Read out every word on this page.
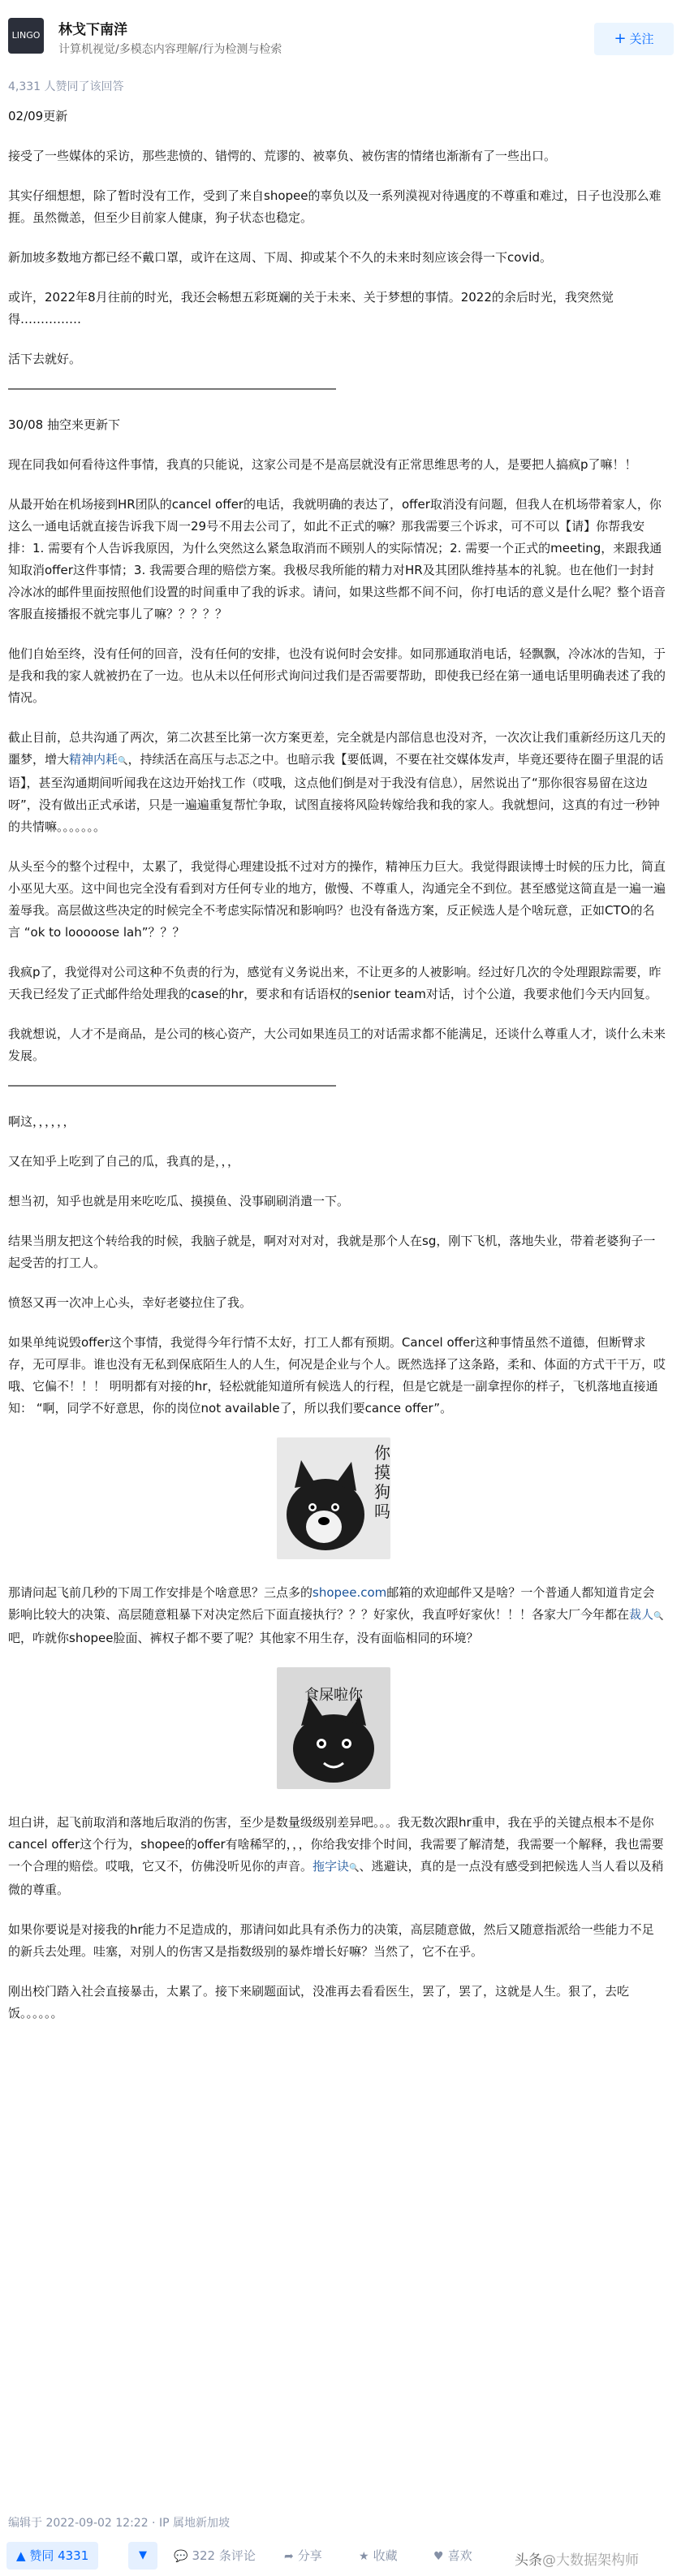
LINGO 林戈下南洋
计算机视觉/多模态内容理解/行为检测与检索
+ 关注
4,331 人赞同了该回答

02/09更新

接受了一些媒体的采访，那些悲愤的、错愕的、荒谬的、被辜负、被伤害的情绪也渐渐有了一些出口。

其实仔细想想，除了暂时没有工作，受到了来自shopee的辜负以及一系列漠视对待遇度的不尊重和难过，日子也没那么难捱。虽然微恙，但至少目前家人健康，狗子状态也稳定。

新加坡多数地方都已经不戴口罩，或许在这周、下周、抑或某个不久的未来时刻应该会得一下covid。

或许，2022年8月往前的时光，我还会畅想五彩斑斓的关于未来、关于梦想的事情。2022的余后时光，我突然觉得……………

活下去就好。

30/08 抽空来更新下

现在同我如何看待这件事情，我真的只能说，这家公司是不是高层就没有正常思维思考的人，是要把人搞疯p了嘛！！

从最开始在机场接到HR团队的cancel offer的电话，我就明确的表达了，offer取消没有问题，但我人在机场带着家人，你这么一通电话就直接告诉我下周一29号不用去公司了，如此不正式的嘛？那我需要三个诉求，可不可以【请】你帮我安排：1. 需要有个人告诉我原因，为什么突然这么紧急取消而不顾别人的实际情况；2. 需要一个正式的meeting，来跟我通知取消offer这件事情；3. 我需要合理的赔偿方案。我极尽我所能的精力对HR及其团队维持基本的礼貌。也在他们一封封冷冰冰的邮件里面按照他们设置的时间重申了我的诉求。请问，如果这些都不间不问，你打电话的意义是什么呢？整个语音客服直接播报不就完事儿了嘛？？？？？

他们自始至终，没有任何的回音，没有任何的安排，也没有说何时会安排。如同那通取消电话，轻飘飘，冷冰冰的告知，于是我和我的家人就被扔在了一边。也从未以任何形式询问过我们是否需要帮助，即使我已经在第一通电话里明确表述了我的情况。

截止目前，总共沟通了两次，第二次甚至比第一次方案更差，完全就是内部信息也没对齐，一次次让我们重新经历这几天的噩梦，增大精神内耗🔍，持续活在高压与忐忑之中。也暗示我【要低调，不要在社交媒体发声，毕竟还要待在圈子里混的话语】，甚至沟通期间听闻我在这边开始找工作（哎哦，这点他们倒是对于我没有信息），居然说出了“那你很容易留在这边呀”，没有做出正式承诺，只是一遍遍重复帮忙争取，试图直接将风险转嫁给我和我的家人。我就想问，这真的有过一秒钟的共情嘛。。。。。。。

从头至今的整个过程中，太累了，我觉得心理建设抵不过对方的操作，精神压力巨大。我觉得跟读博士时候的压力比，简直小巫见大巫。这中间也完全没有看到对方任何专业的地方，傲慢、不尊重人，沟通完全不到位。甚至感觉这简直是一遍一遍羞辱我。高层做这些决定的时候完全不考虑实际情况和影响吗？也没有备选方案，反正候选人是个啥玩意，正如CTO的名言 “ok to looooose lah”？？？

我疯p了，我觉得对公司这种不负责的行为，感觉有义务说出来，不让更多的人被影响。经过好几次的令处理跟踪需要，昨天我已经发了正式邮件给处理我的case的hr，要求和有话语权的senior team对话，讨个公道，我要求他们今天内回复。

我就想说，人才不是商品，是公司的核心资产，大公司如果连员工的对话需求都不能满足，还谈什么尊重人才，谈什么未来发展。

啊这，，，，，，

又在知乎上吃到了自己的瓜，我真的是，，，

想当初，知乎也就是用来吃吃瓜、摸摸鱼、没事刷刷消遣一下。

结果当朋友把这个转给我的时候，我脑子就是，啊对对对对，我就是那个人在sg，刚下飞机，落地失业，带着老婆狗子一起受苦的打工人。

愤怒又再一次冲上心头，幸好老婆拉住了我。

如果单纯说毁offer这个事情，我觉得今年行情不太好，打工人都有预期。Cancel offer这种事情虽然不道德，但断臂求存，无可厚非。谁也没有无私到保底陌生人的人生，何况是企业与个人。既然选择了这条路，柔和、体面的方式干干万，哎哦、它偏不！！！ 明明都有对接的hr，轻松就能知道所有候选人的行程，但是它就是一副拿捏你的样子，飞机落地直接通知： “啊，同学不好意思，你的岗位not available了，所以我们要cance offer”。

你摸狗吗

那请问起飞前几秒的下周工作安排是个啥意思？三点多的shopee.com邮箱的欢迎邮件又是啥？一个普通人都知道肯定会影响比较大的决策、高层随意粗暴下对决定然后下面直接执行？？？好家伙，我直呼好家伙！！！各家大厂今年都在裁人🔍吧，咋就你shopee脸面、裤权子都不要了呢？其他家不用生存，没有面临相同的环境？

食屎啦你

坦白讲，起飞前取消和落地后取消的伤害，至少是数量级级别差异吧。。。我无数次跟hr重申，我在乎的关键点根本不是你cancel offer这个行为，shopee的offer有啥稀罕的，，，你给我安排个时间，我需要了解清楚，我需要一个解释，我也需要一个合理的赔偿。哎哦，它又不，仿佛没听见你的声音。拖字诀🔍、逃避诀，真的是一点没有感受到把候选人当人看以及稍微的尊重。

如果你要说是对接我的hr能力不足造成的，那请问如此具有杀伤力的决策，高层随意做，然后又随意指派给一些能力不足的新兵去处理。哇塞，对别人的伤害又是指数级别的暴炸增长好嘛？当然了，它不在乎。

刚出校门踏入社会直接暴击，太累了。接下来刷题面试，没准再去看看医生，罢了，罢了，这就是人生。狠了，去吃饭。。。。。。

编辑于 2022-09-02 12:22 · IP 属地新加坡
▲ 赞同 4331	▼	💬 322 条评论	➦ 分享	★ 收藏	♥ 喜欢	头条@大数据架构师
